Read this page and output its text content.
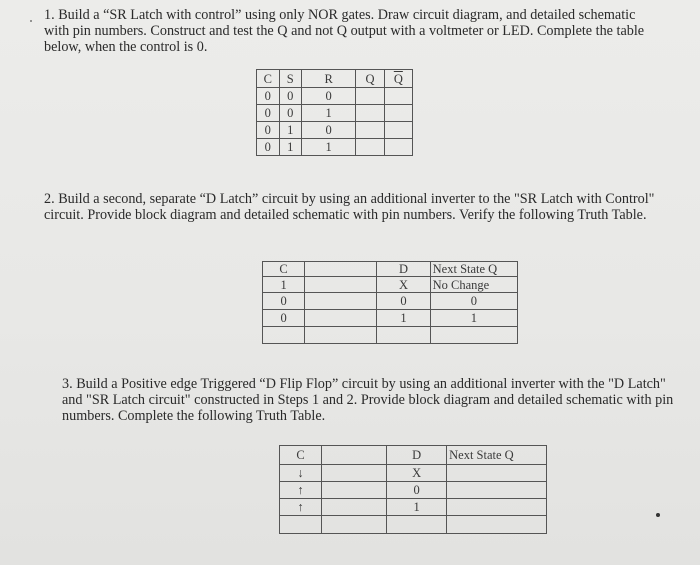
1. Build a “SR Latch with control” using only NOR gates. Draw circuit diagram, and detailed schematic with pin numbers. Construct and test the Q and not Q output with a voltmeter or LED. Complete the table below, when the control is 0.

C	S	R	Q	$\overline{Q}$
0	0	0		
0	0	1		
0	1	0		
0	1	1		

2. Build a second, separate “D Latch” circuit by using an additional inverter to the "SR Latch with Control" circuit. Provide block diagram and detailed schematic with pin numbers. Verify the following Truth Table.

C		D	Next State Q
1		X	No Change
0		0	0
0		1	1

3. Build a Positive edge Triggered “D Flip Flop” circuit by using an additional inverter with the "D Latch" and "SR Latch circuit" constructed in Steps 1 and 2. Provide block diagram and detailed schematic with pin numbers. Complete the following Truth Table.

C		D	Next State Q
↓		X	
↑		0	
↑		1	
